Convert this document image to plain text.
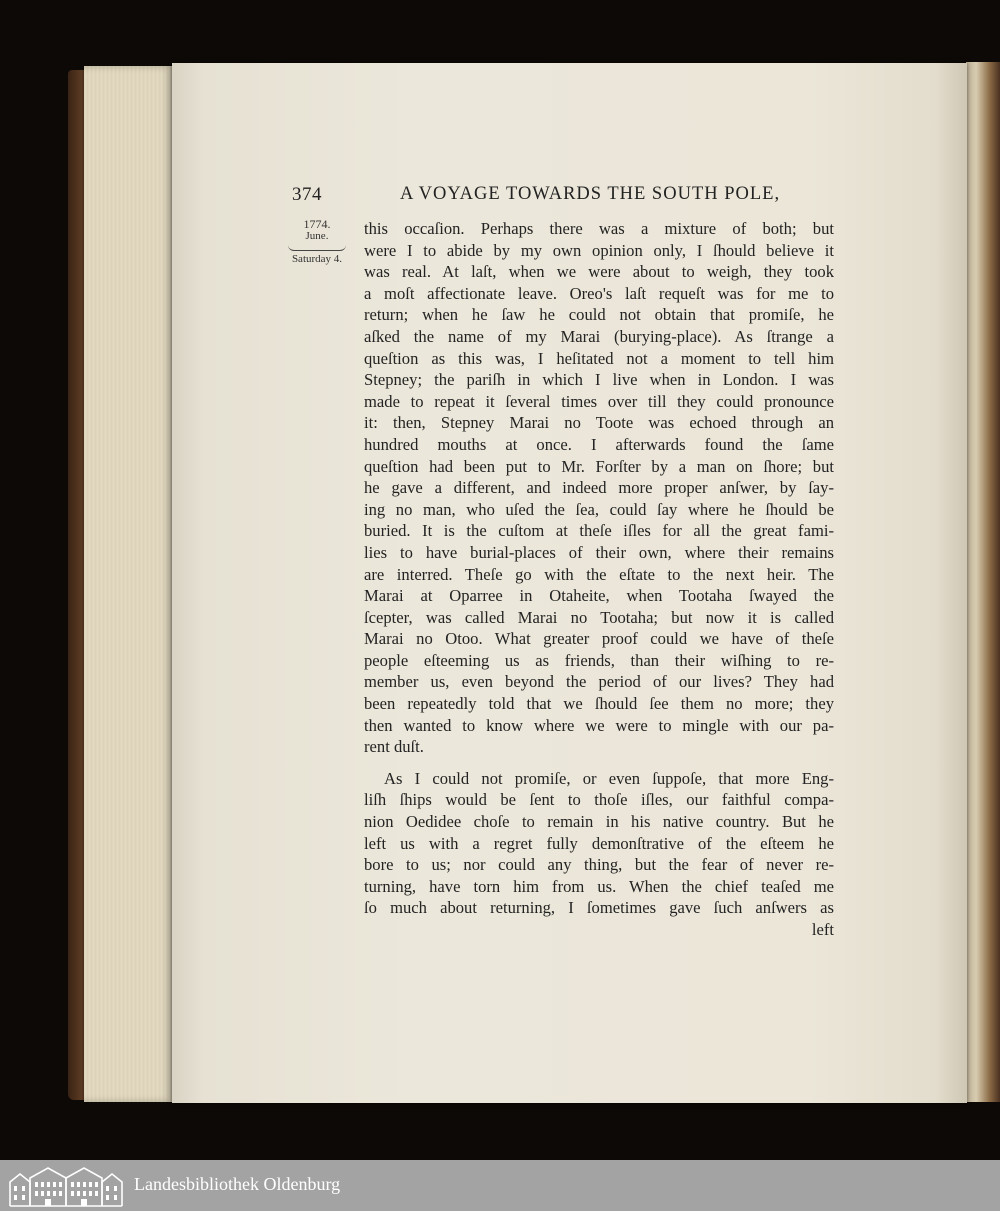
374	A VOYAGE TOWARDS THE SOUTH POLE,
1774.
June.
Saturday 4.
this occaſion. Perhaps there was a mixture of both; but
were I to abide by my own opinion only, I ſhould believe it
was real. At laſt, when we were about to weigh, they took
a moſt affectionate leave. Oreo's laſt requeſt was for me to
return; when he ſaw he could not obtain that promiſe, he
aſked the name of my Marai (burying-place). As ſtrange a
queſtion as this was, I heſitated not a moment to tell him
Stepney; the pariſh in which I live when in London. I was
made to repeat it ſeveral times over till they could pronounce
it: then, Stepney Marai no Toote was echoed through an
hundred mouths at once. I afterwards found the ſame
queſtion had been put to Mr. Forſter by a man on ſhore; but
he gave a different, and indeed more proper anſwer, by ſay-
ing no man, who uſed the ſea, could ſay where he ſhould be
buried. It is the cuſtom at theſe iſles for all the great fami-
lies to have burial-places of their own, where their remains
are interred. Theſe go with the eſtate to the next heir. The
Marai at Oparree in Otaheite, when Tootaha ſwayed the
ſcepter, was called Marai no Tootaha; but now it is called
Marai no Otoo. What greater proof could we have of theſe
people eſteeming us as friends, than their wiſhing to re-
member us, even beyond the period of our lives? They had
been repeatedly told that we ſhould ſee them no more; they
then wanted to know where we were to mingle with our pa-
rent duſt.
As I could not promiſe, or even ſuppoſe, that more Eng-
liſh ſhips would be ſent to thoſe iſles, our faithful compa-
nion Oedidee choſe to remain in his native country. But he
left us with a regret fully demonſtrative of the eſteem he
bore to us; nor could any thing, but the fear of never re-
turning, have torn him from us. When the chief teaſed me
ſo much about returning, I ſometimes gave ſuch anſwers as
left
Landesbibliothek Oldenburg
